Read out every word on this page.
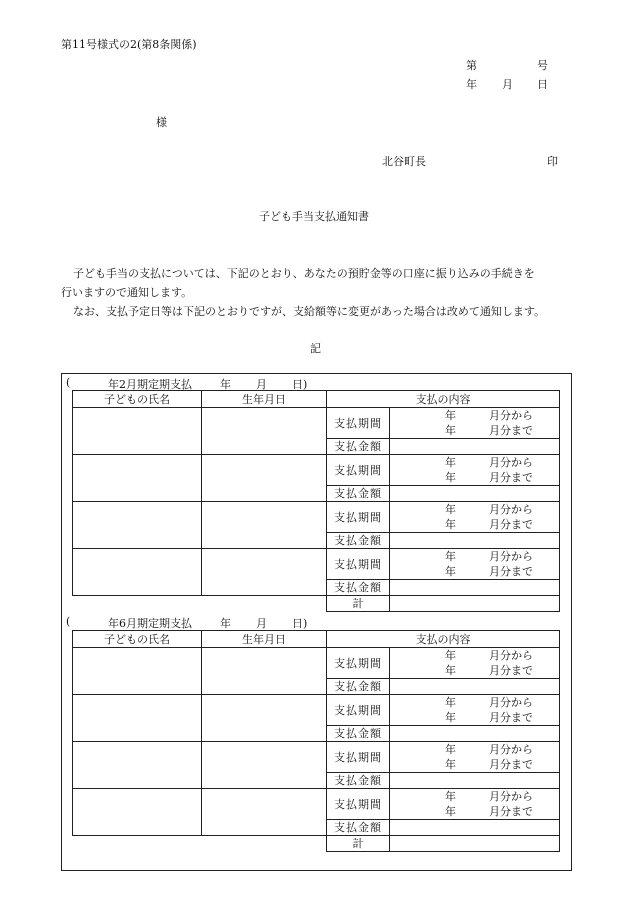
第11号様式の2(第8条関係)
第	号
年 月 日
様
北谷町長	印
子ども手当支払通知書
子ども手当の支払については、下記のとおり、あなたの預貯金等の口座に振り込みの手続きを
行いますので通知します。
なお、支払予定日等は下記のとおりですが、支給額等に変更があった場合は改めて通知します。
記
(	年2月期定期支払	年 月 日)
子どもの氏名	生年月日	支払の内容	
		支払期間	年 月分から
年 月分まで

		支払金額	
		支払期間	年 月分から
年 月分まで

		支払金額	
		支払期間	年 月分から
年 月分まで

		支払金額	
		支払期間	年 月分から
年 月分まで

		支払金額	
		計	
(	年6月期定期支払	年 月 日)
子どもの氏名	生年月日	支払の内容	
		支払期間	年 月分から
年 月分まで

		支払金額	
		支払期間	年 月分から
年 月分まで

		支払金額	
		支払期間	年 月分から
年 月分まで

		支払金額	
		支払期間	年 月分から
年 月分まで

		支払金額	
		計	
